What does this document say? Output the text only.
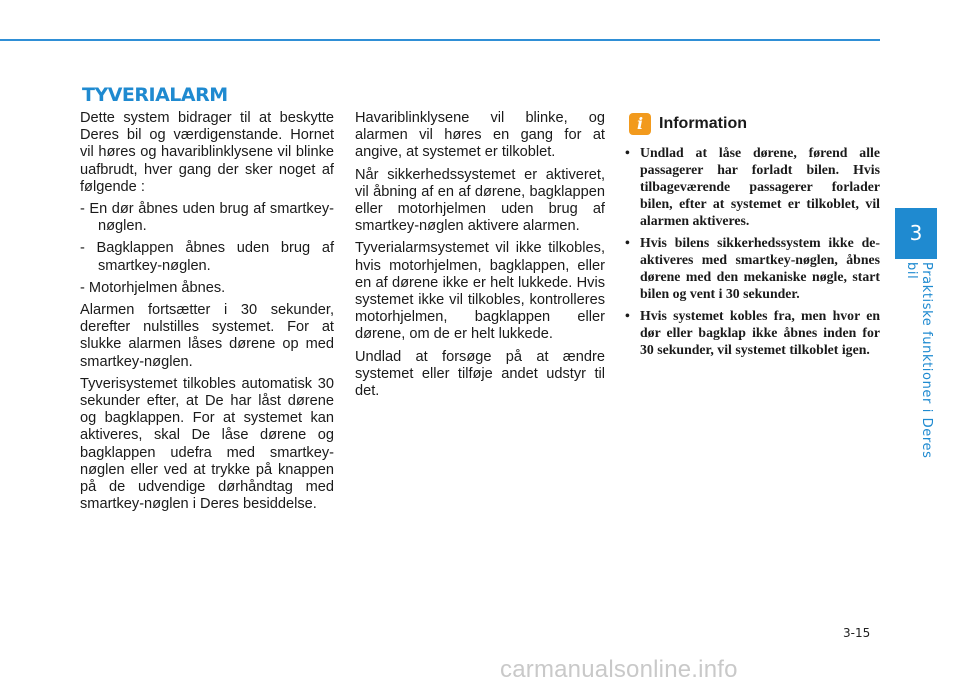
TYVERIALARM

Dette system bidrager til at beskytte Deres bil og værdigenstande. Hornet vil høres og havariblinklysene vil blinke uafbrudt, hver gang der sker noget af følgende :

- En dør åbnes uden brug af smartkey-nøglen.
- Bagklappen åbnes uden brug af smartkey-nøglen.
- Motorhjelmen åbnes.

Alarmen fortsætter i 30 sekunder, derefter nulstilles systemet. For at slukke alarmen låses dørene op med smartkey-nøglen.

Tyverisystemet tilkobles automatisk 30 sekunder efter, at De har låst dørene og bagklappen. For at systemet kan aktiveres, skal De låse dørene og bagklappen udefra med smartkey-nøglen eller ved at trykke på knappen på de udvendige dørhåndtag med smartkey-nøglen i Deres besiddelse.

Havariblinklysene vil blinke, og alarmen vil høres en gang for at angive, at systemet er tilkoblet.

Når sikkerhedssystemet er aktiveret, vil åbning af en af dørene, bagklappen eller motorhjelmen uden brug af smartkey-nøglen aktivere alarmen.

Tyverialarmsystemet vil ikke tilkobles, hvis motorhjelmen, bagklappen, eller en af dørene ikke er helt lukkede. Hvis systemet ikke vil tilkobles, kontrolleres motorhjelmen, bagklappen eller dørene, om de er helt lukkede.

Undlad at forsøge på at ændre systemet eller tilføje andet udstyr til det.

i Information
• Undlad at låse dørene, førend alle passagerer har forladt bilen. Hvis tilbageværende passagerer forlader bilen, efter at systemet er tilkoblet, vil alarmen aktiveres.
• Hvis bilens sikkerhedssystem ikke de-aktiveres med smartkey-nøglen, åbnes dørene med den mekaniske nøgle, start bilen og vent i 30 sekunder.
• Hvis systemet kobles fra, men hvor en dør eller bagklap ikke åbnes inden for 30 sekunder, vil systemet tilkoblet igen.
3
Praktiske funktioner i Deres bil
3-15
carmanualsonline.info
